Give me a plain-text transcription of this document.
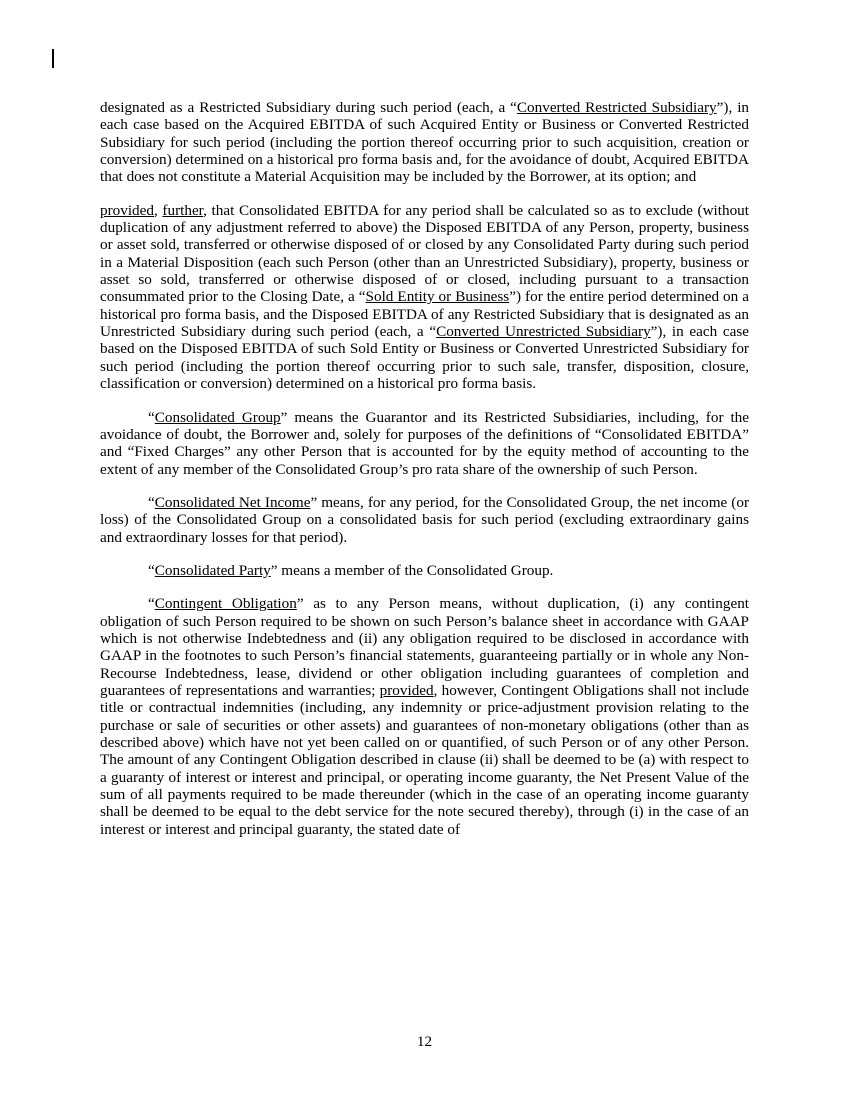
designated as a Restricted Subsidiary during such period (each, a “Converted Restricted Subsidiary”), in each case based on the Acquired EBITDA of such Acquired Entity or Business or Converted Restricted Subsidiary for such period (including the portion thereof occurring prior to such acquisition, creation or conversion) determined on a historical pro forma basis and, for the avoidance of doubt, Acquired EBITDA that does not constitute a Material Acquisition may be included by the Borrower, at its option; and

provided, further, that Consolidated EBITDA for any period shall be calculated so as to exclude (without duplication of any adjustment referred to above) the Disposed EBITDA of any Person, property, business or asset sold, transferred or otherwise disposed of or closed by any Consolidated Party during such period in a Material Disposition (each such Person (other than an Unrestricted Subsidiary), property, business or asset so sold, transferred or otherwise disposed of or closed, including pursuant to a transaction consummated prior to the Closing Date, a “Sold Entity or Business”) for the entire period determined on a historical pro forma basis, and the Disposed EBITDA of any Restricted Subsidiary that is designated as an Unrestricted Subsidiary during such period (each, a “Converted Unrestricted Subsidiary”), in each case based on the Disposed EBITDA of such Sold Entity or Business or Converted Unrestricted Subsidiary for such period (including the portion thereof occurring prior to such sale, transfer, disposition, closure, classification or conversion) determined on a historical pro forma basis.

“Consolidated Group” means the Guarantor and its Restricted Subsidiaries, including, for the avoidance of doubt, the Borrower and, solely for purposes of the definitions of “Consolidated EBITDA” and “Fixed Charges” any other Person that is accounted for by the equity method of accounting to the extent of any member of the Consolidated Group’s pro rata share of the ownership of such Person.

“Consolidated Net Income” means, for any period, for the Consolidated Group, the net income (or loss) of the Consolidated Group on a consolidated basis for such period (excluding extraordinary gains and extraordinary losses for that period).

“Consolidated Party” means a member of the Consolidated Group.

“Contingent Obligation” as to any Person means, without duplication, (i) any contingent obligation of such Person required to be shown on such Person’s balance sheet in accordance with GAAP which is not otherwise Indebtedness and (ii) any obligation required to be disclosed in accordance with GAAP in the footnotes to such Person’s financial statements, guaranteeing partially or in whole any Non-Recourse Indebtedness, lease, dividend or other obligation including guarantees of completion and guarantees of representations and warranties; provided, however, Contingent Obligations shall not include title or contractual indemnities (including, any indemnity or price-adjustment provision relating to the purchase or sale of securities or other assets) and guarantees of non-monetary obligations (other than as described above) which have not yet been called on or quantified, of such Person or of any other Person. The amount of any Contingent Obligation described in clause (ii) shall be deemed to be (a) with respect to a guaranty of interest or interest and principal, or operating income guaranty, the Net Present Value of the sum of all payments required to be made thereunder (which in the case of an operating income guaranty shall be deemed to be equal to the debt service for the note secured thereby), through (i) in the case of an interest or interest and principal guaranty, the stated date of

12
